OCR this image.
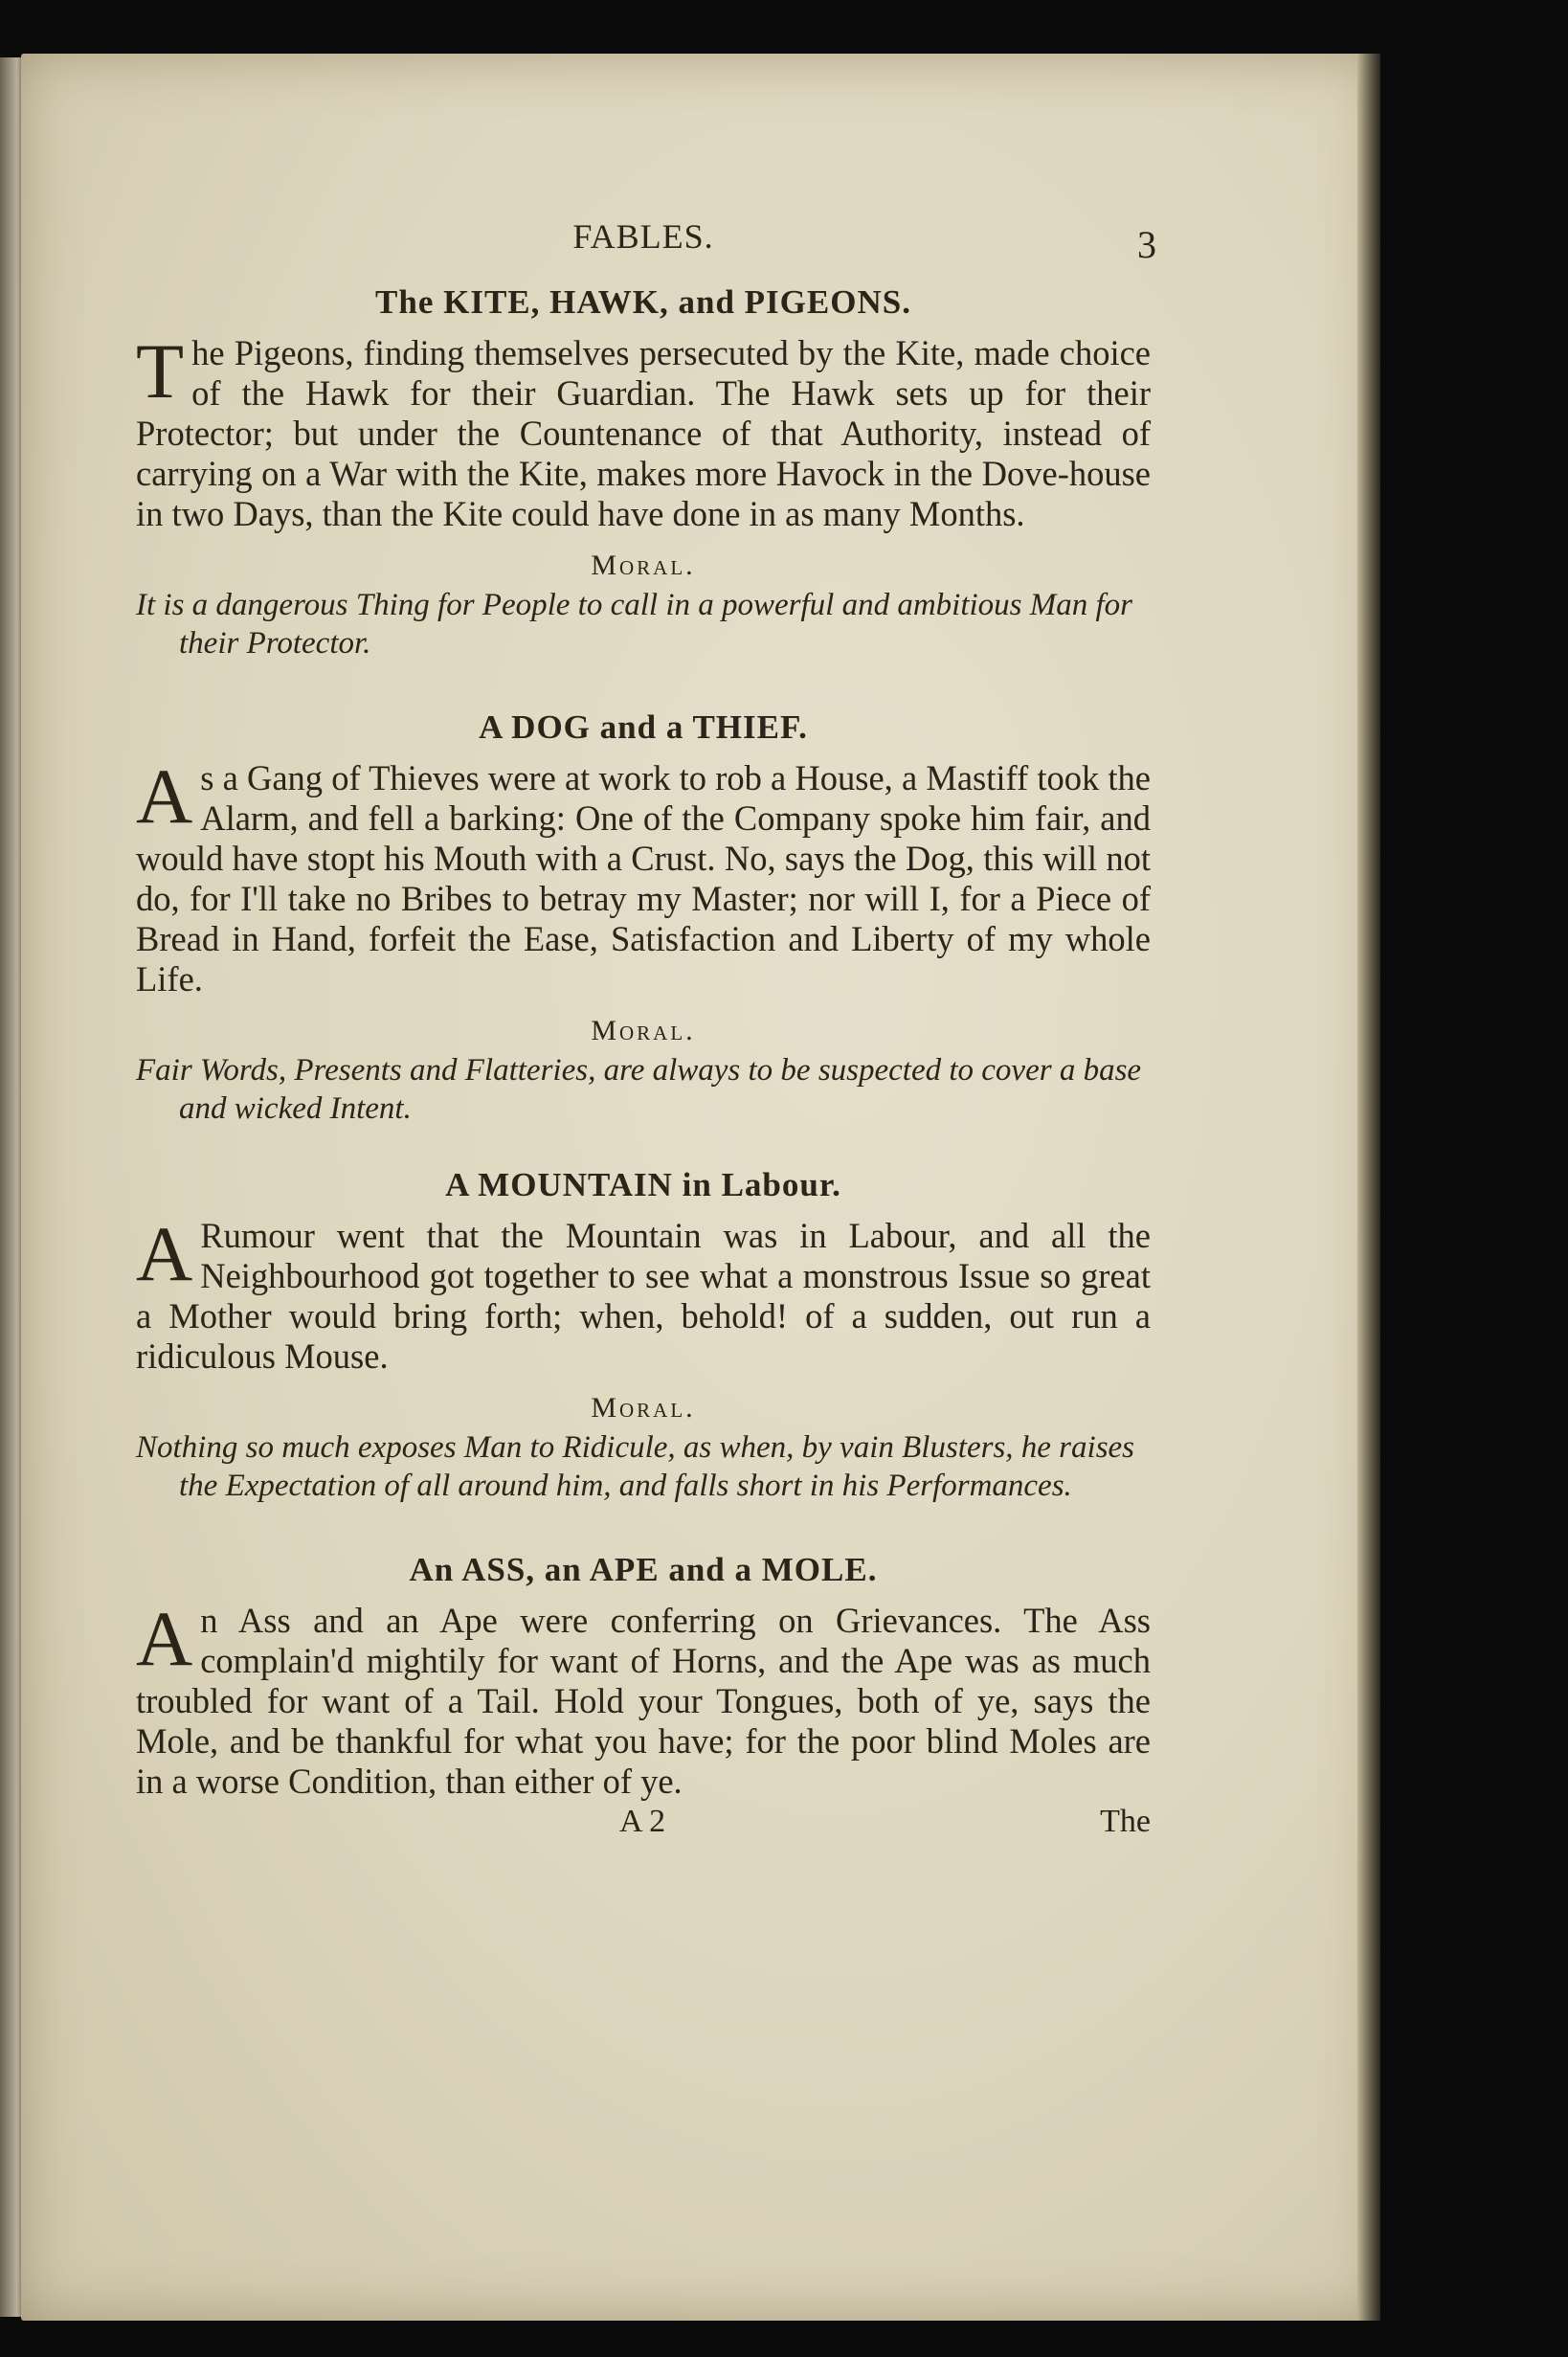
FABLES.	3
The KITE, HAWK, and PIGEONS.

The Pigeons, finding themselves persecuted by the Kite, made choice of the Hawk for their Guardian. The Hawk sets up for their Protector; but under the Countenance of that Authority, instead of carrying on a War with the Kite, makes more Havock in the Dove-house in two Days, than the Kite could have done in as many Months.

Moral.

It is a dangerous Thing for People to call in a powerful and ambitious Man for their Protector.

A DOG and a THIEF.

As a Gang of Thieves were at work to rob a House, a Mastiff took the Alarm, and fell a barking: One of the Company spoke him fair, and would have stopt his Mouth with a Crust. No, says the Dog, this will not do, for I'll take no Bribes to betray my Master; nor will I, for a Piece of Bread in Hand, forfeit the Ease, Satisfaction and Liberty of my whole Life.

Moral.

Fair Words, Presents and Flatteries, are always to be suspected to cover a base and wicked Intent.

A MOUNTAIN in Labour.

A Rumour went that the Mountain was in Labour, and all the Neighbourhood got together to see what a monstrous Issue so great a Mother would bring forth; when, behold! of a sudden, out run a ridiculous Mouse.

Moral.

Nothing so much exposes Man to Ridicule, as when, by vain Blusters, he raises the Expectation of all around him, and falls short in his Performances.

An ASS, an APE and a MOLE.

An Ass and an Ape were conferring on Grievances. The Ass complain'd mightily for want of Horns, and the Ape was as much troubled for want of a Tail. Hold your Tongues, both of ye, says the Mole, and be thankful for what you have; for the poor blind Moles are in a worse Condition, than either of ye.

A 2	The
